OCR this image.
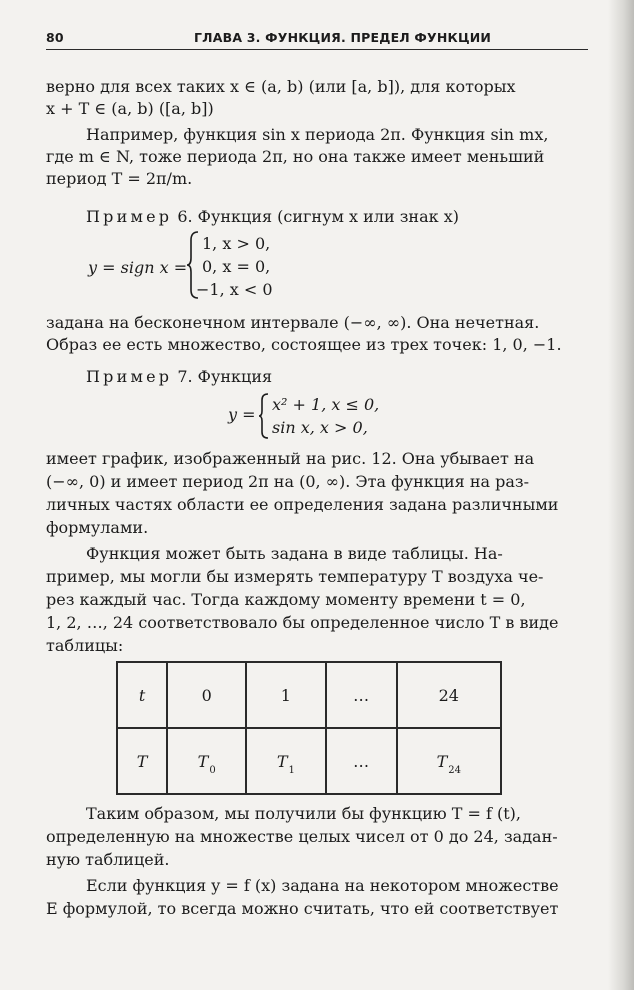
80	ГЛАВА 3. ФУНКЦИЯ. ПРЕДЕЛ ФУНКЦИИ
верно для всех таких x ∈ (a, b) (или [a, b]), для которых
x + T ∈ (a, b) ([a, b])
Например, функция sin x периода 2π. Функция sin mx,
где m ∈ N, тоже периода 2π, но она также имеет меньший
период T = 2π/m.
Пример 6. Функция (сигнум x или знак x)
y = sign x =
1, x > 0,
0, x = 0,
−1, x < 0
задана на бесконечном интервале (−∞, ∞). Она нечетная.
Образ ее есть множество, состоящее из трех точек: 1, 0, −1.
Пример 7. Функция
y =
x² + 1, x ≤ 0,
sin x, x > 0,
имеет график, изображенный на рис. 12. Она убывает на
(−∞, 0) и имеет период 2π на (0, ∞). Эта функция на раз-
личных частях области ее определения задана различными
формулами.
Функция может быть задана в виде таблицы. На-
пример, мы могли бы измерять температуру T воздуха че-
рез каждый час. Тогда каждому моменту времени t = 0,
1, 2, …, 24 соответствовало бы определенное число T в виде
таблицы:
t	0	1	…	24
T	$T_0$	$T_1$	…	$T_{24}$
Таким образом, мы получили бы функцию T = f (t),
определенную на множестве целых чисел от 0 до 24, задан-
ную таблицей.
Если функция y = f (x) задана на некотором множестве
E формулой, то всегда можно считать, что ей соответствует
